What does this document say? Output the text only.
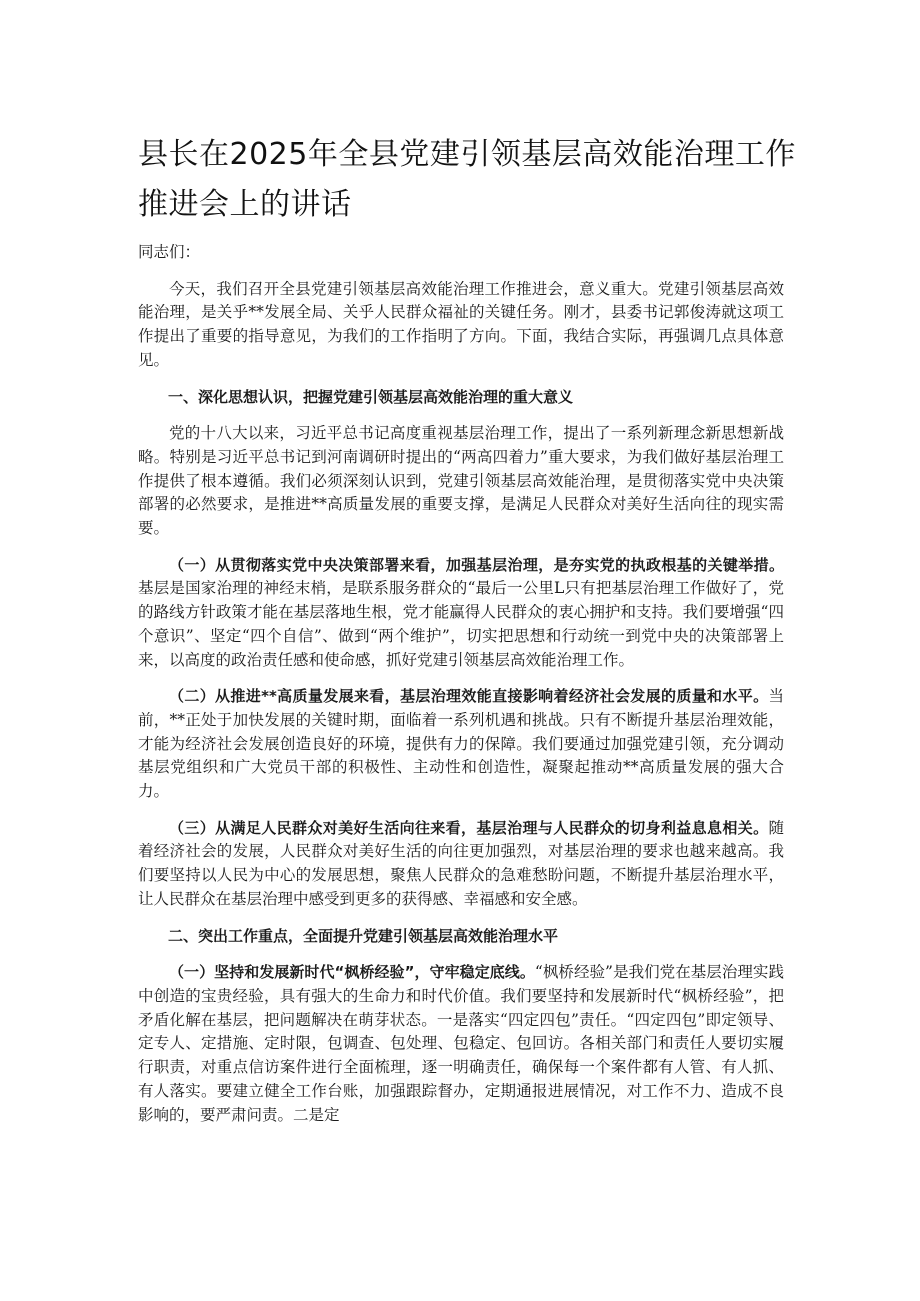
县长在2025年全县党建引领基层高效能治理工作推进会上的讲话

同志们：

今天，我们召开全县党建引领基层高效能治理工作推进会，意义重大。党建引领基层高效能治理，是关乎**发展全局、关乎人民群众福祉的关键任务。刚才，县委书记郭俊涛就这项工作提出了重要的指导意见，为我们的工作指明了方向。下面，我结合实际，再强调几点具体意见。

一、深化思想认识，把握党建引领基层高效能治理的重大意义

党的十八大以来，习近平总书记高度重视基层治理工作，提出了一系列新理念新思想新战略。特别是习近平总书记到河南调研时提出的“两高四着力”重大要求，为我们做好基层治理工作提供了根本遵循。我们必须深刻认识到，党建引领基层高效能治理，是贯彻落实党中央决策部署的必然要求，是推进**高质量发展的重要支撑，是满足人民群众对美好生活向往的现实需要。

（一）从贯彻落实党中央决策部署来看，加强基层治理，是夯实党的执政根基的关键举措。基层是国家治理的神经末梢，是联系服务群众的“最后一公里L只有把基层治理工作做好了，党的路线方针政策才能在基层落地生根，党才能赢得人民群众的衷心拥护和支持。我们要增强“四个意识”、坚定“四个自信”、做到“两个维护”，切实把思想和行动统一到党中央的决策部署上来，以高度的政治责任感和使命感，抓好党建引领基层高效能治理工作。

（二）从推进**高质量发展来看，基层治理效能直接影响着经济社会发展的质量和水平。当前，**正处于加快发展的关键时期，面临着一系列机遇和挑战。只有不断提升基层治理效能，才能为经济社会发展创造良好的环境，提供有力的保障。我们要通过加强党建引领，充分调动基层党组织和广大党员干部的积极性、主动性和创造性，凝聚起推动**高质量发展的强大合力。

（三）从满足人民群众对美好生活向往来看，基层治理与人民群众的切身利益息息相关。随着经济社会的发展，人民群众对美好生活的向往更加强烈，对基层治理的要求也越来越高。我们要坚持以人民为中心的发展思想，聚焦人民群众的急难愁盼问题，不断提升基层治理水平，让人民群众在基层治理中感受到更多的获得感、幸福感和安全感。

二、突出工作重点，全面提升党建引领基层高效能治理水平

（一）坚持和发展新时代“枫桥经验”，守牢稳定底线。“枫桥经验”是我们党在基层治理实践中创造的宝贵经验，具有强大的生命力和时代价值。我们要坚持和发展新时代“枫桥经验”，把矛盾化解在基层，把问题解决在萌芽状态。一是落实“四定四包”责任。“四定四包”即定领导、定专人、定措施、定时限，包调查、包处理、包稳定、包回访。各相关部门和责任人要切实履行职责，对重点信访案件进行全面梳理，逐一明确责任，确保每一个案件都有人管、有人抓、有人落实。要建立健全工作台账，加强跟踪督办，定期通报进展情况，对工作不力、造成不良影响的，要严肃问责。二是定
